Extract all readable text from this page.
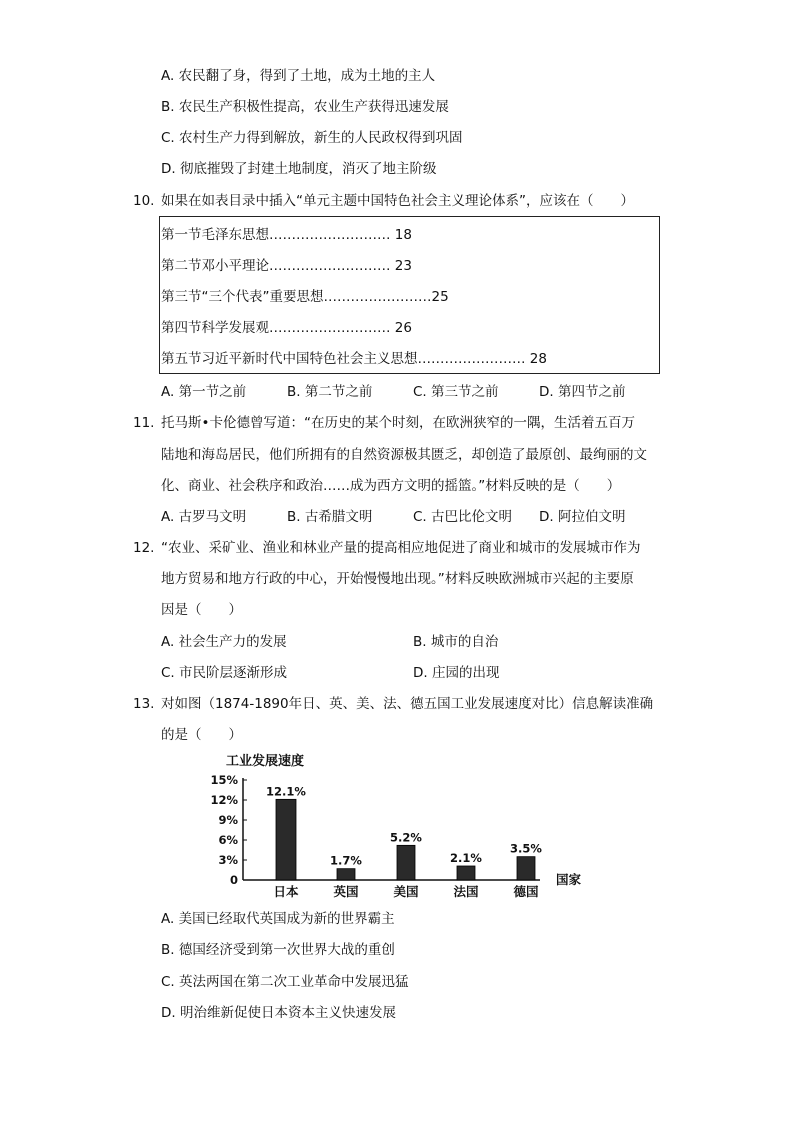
A. 农民翻了身，得到了土地，成为土地的主人
B. 农民生产积极性提高，农业生产获得迅速发展
C. 农村生产力得到解放，新生的人民政权得到巩固
D. 彻底摧毁了封建土地制度，消灭了地主阶级
10. 如果在如表目录中插入“单元主题中国特色社会主义理论体系”，应该在（　　）
第一节毛泽东思想……………………… 18
第二节邓小平理论……………………… 23
第三节“三个代表”重要思想……………………25
第四节科学发展观……………………… 26
第五节习近平新时代中国特色社会主义思想…………………… 28
A. 第一节之前	B. 第二节之前	C. 第三节之前	D. 第四节之前
11. 托马斯•卡伦德曾写道：“在历史的某个时刻，在欧洲狭窄的一隅，生活着五百万
陆地和海岛居民，他们所拥有的自然资源极其匮乏，却创造了最原创、最绚丽的文
化、商业、社会秩序和政治……成为西方文明的摇篮。”材料反映的是（　　）
A. 古罗马文明	B. 古希腊文明	C. 古巴比伦文明 D. 阿拉伯文明
12. “农业、采矿业、渔业和林业产量的提高相应地促进了商业和城市的发展城市作为
地方贸易和地方行政的中心，开始慢慢地出现。”材料反映欧洲城市兴起的主要原
因是（　　）
A. 社会生产力的发展	B. 城市的自治
C. 市民阶层逐渐形成	D. 庄园的出现
13. 对如图（1874-1890年日、英、美、法、德五国工业发展速度对比）信息解读准确
的是（　　）
工业发展速度
0
3%
6%
9%
12%
15%
12.1%
日本
1.7%
英国
5.2%
美国
2.1%
法国
3.5%
德国
国家
A. 美国已经取代英国成为新的世界霸主
B. 德国经济受到第一次世界大战的重创
C. 英法两国在第二次工业革命中发展迅猛
D. 明治维新促使日本资本主义快速发展
